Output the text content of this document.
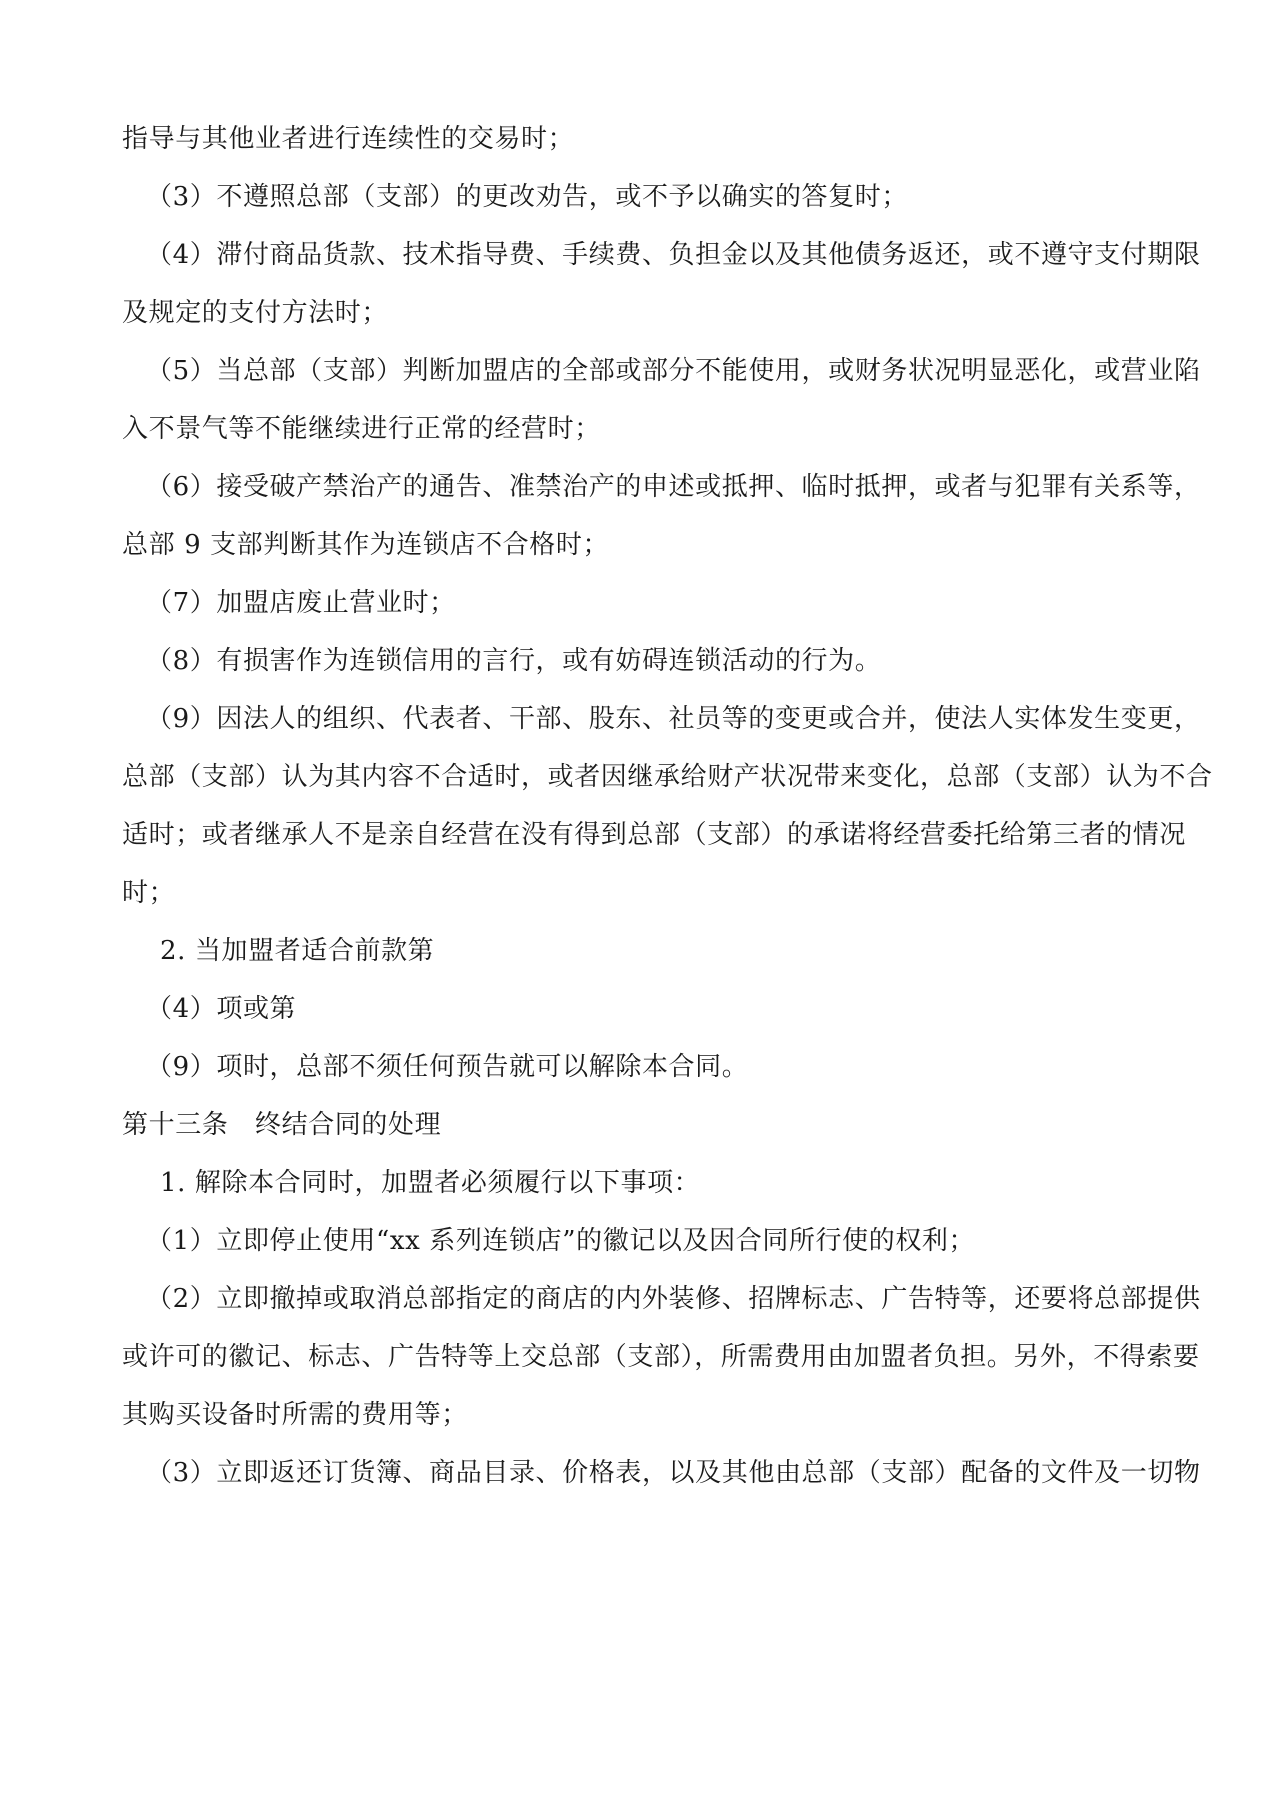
指导与其他业者进行连续性的交易时；
（3）不遵照总部（支部）的更改劝告，或不予以确实的答复时；
（4）滞付商品货款、技术指导费、手续费、负担金以及其他债务返还，或不遵守支付期限
及规定的支付方法时；
（5）当总部（支部）判断加盟店的全部或部分不能使用，或财务状况明显恶化，或营业陷
入不景气等不能继续进行正常的经营时；
（6）接受破产禁治产的通告、准禁治产的申述或抵押、临时抵押，或者与犯罪有关系等，
总部 9 支部判断其作为连锁店不合格时；
（7）加盟店废止营业时；
（8）有损害作为连锁信用的言行，或有妨碍连锁活动的行为。
（9）因法人的组织、代表者、干部、股东、社员等的变更或合并，使法人实体发生变更，
总部（支部）认为其内容不合适时，或者因继承给财产状况带来变化，总部（支部）认为不合
适时；或者继承人不是亲自经营在没有得到总部（支部）的承诺将经营委托给第三者的情况
时；
2. 当加盟者适合前款第
（4）项或第
（9）项时，总部不须任何预告就可以解除本合同。
第十三条　终结合同的处理
1. 解除本合同时，加盟者必须履行以下事项：
（1）立即停止使用“xx 系列连锁店”的徽记以及因合同所行使的权利；
（2）立即撤掉或取消总部指定的商店的内外装修、招牌标志、广告特等，还要将总部提供
或许可的徽记、标志、广告特等上交总部（支部），所需费用由加盟者负担。另外，不得索要
其购买设备时所需的费用等；
（3）立即返还订货簿、商品目录、价格表，以及其他由总部（支部）配备的文件及一切物
